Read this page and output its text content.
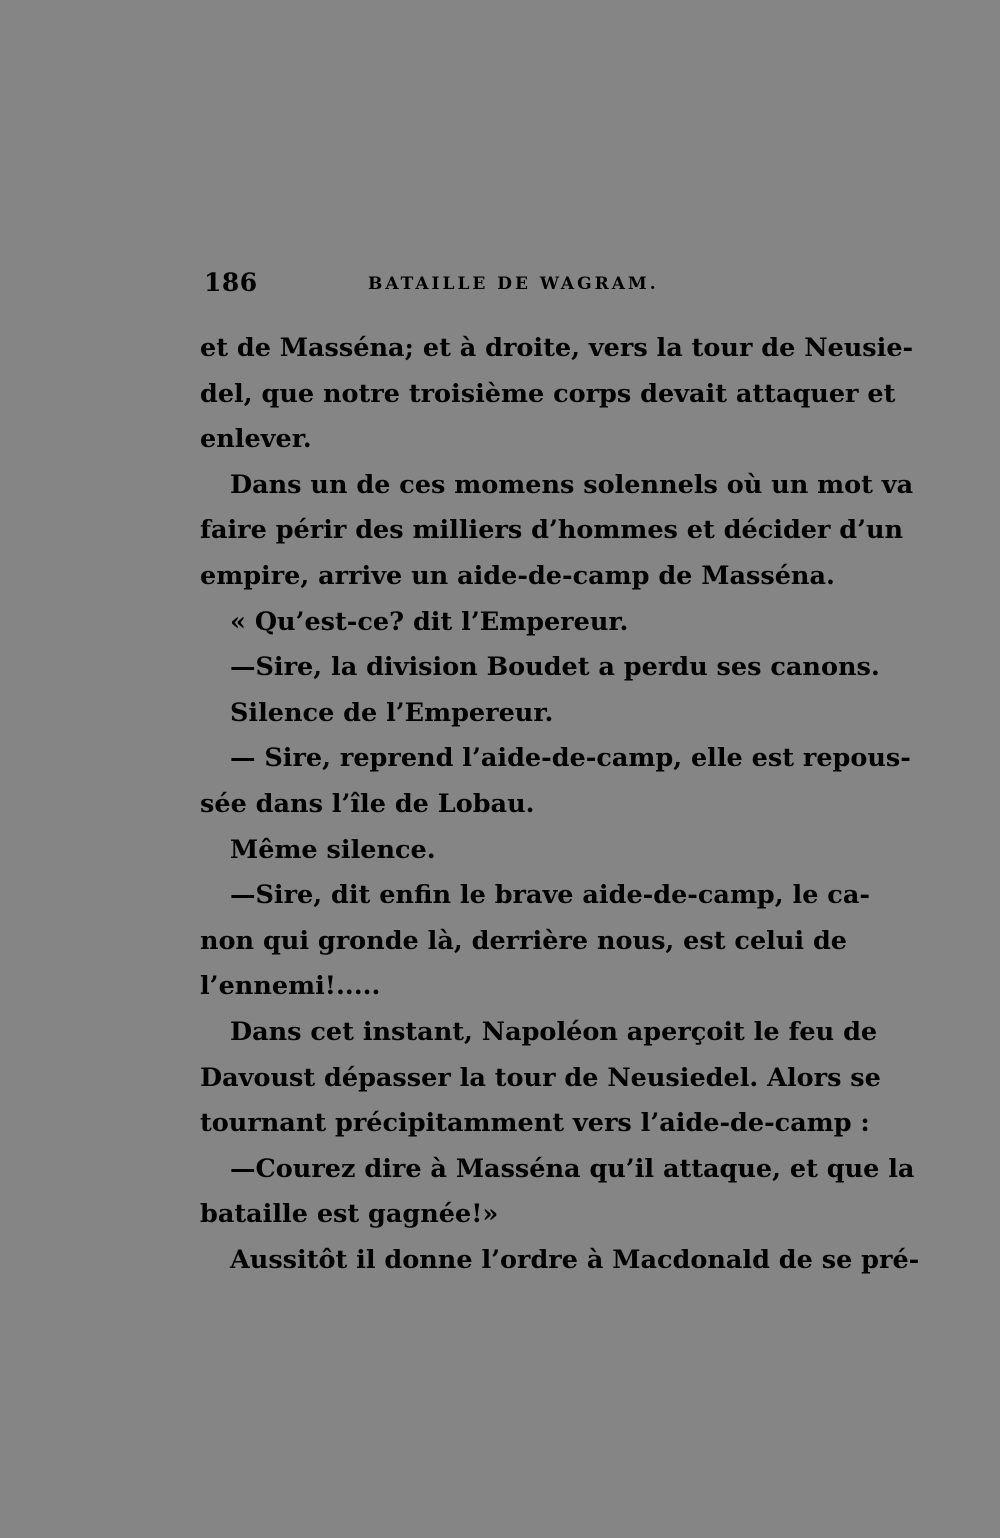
186	BATAILLE DE WAGRAM.
et de Masséna; et à droite, vers la tour de Neusie-
del, que notre troisième corps devait attaquer et
enlever.
Dans un de ces momens solennels où un mot va
faire périr des milliers d’hommes et décider d’un
empire, arrive un aide-de-camp de Masséna.
« Qu’est-ce? dit l’Empereur.
—Sire, la division Boudet a perdu ses canons.
Silence de l’Empereur.
— Sire, reprend l’aide-de-camp, elle est repous-
sée dans l’île de Lobau.
Même silence.
—Sire, dit enfin le brave aide-de-camp, le ca-
non qui gronde là, derrière nous, est celui de
l’ennemi!.....
Dans cet instant, Napoléon aperçoit le feu de
Davoust dépasser la tour de Neusiedel. Alors se
tournant précipitamment vers l’aide-de-camp :
—Courez dire à Masséna qu’il attaque, et que la
bataille est gagnée!»
Aussitôt il donne l’ordre à Macdonald de se pré-
